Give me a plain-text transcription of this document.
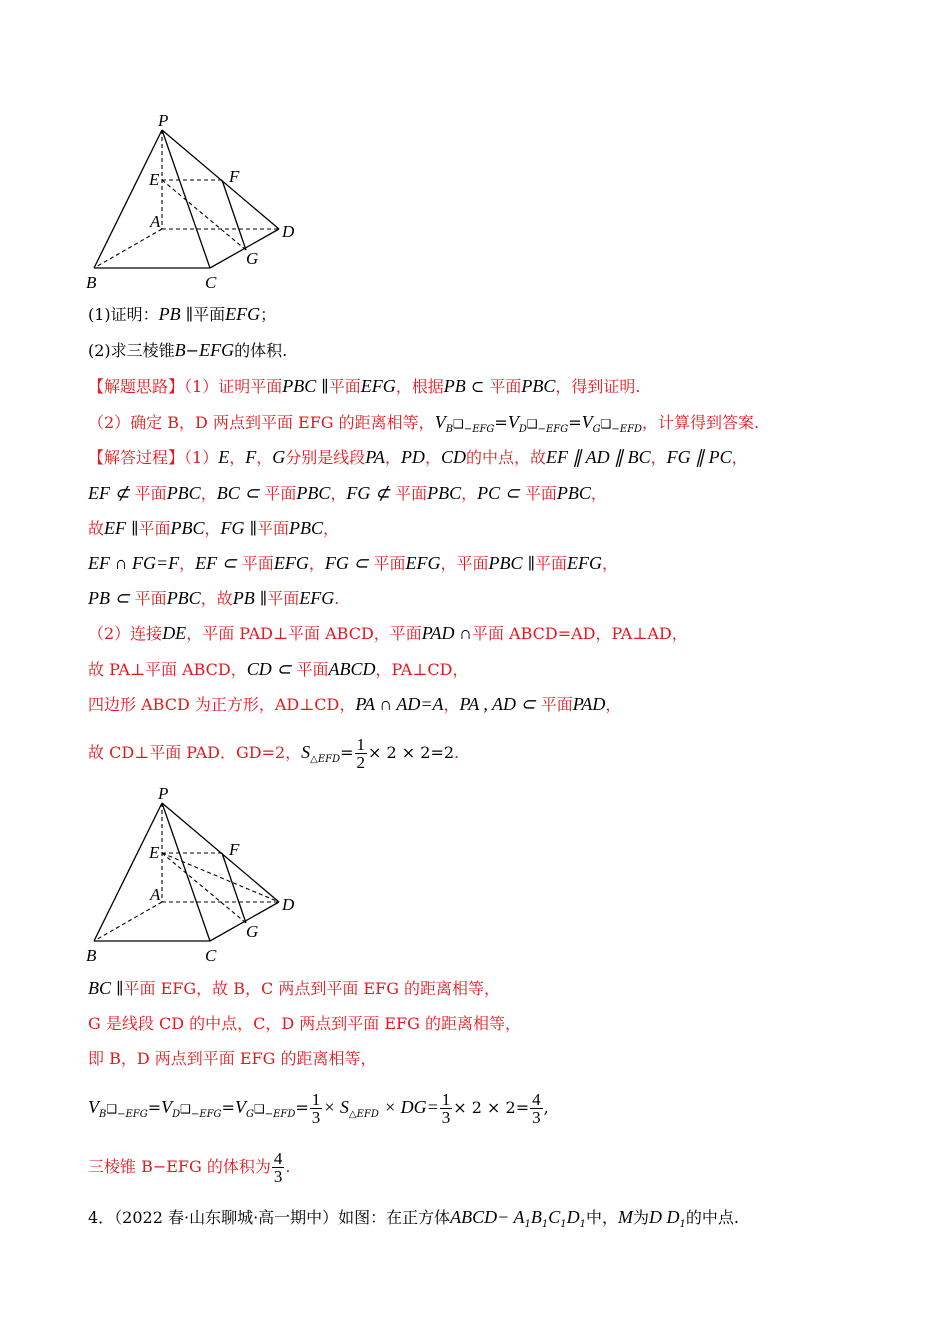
P
E	F
A
D
G
B	C
(1)证明：PB ∥平面EFG；
(2)求三棱锥B−EFG的体积.
【解题思路】（1）证明平面PBC ∥平面EFG，根据PB ⊂ 平面PBC，得到证明.
（2）确定 B，D 两点到平面 EFG 的距离相等，$V_B❑_{-EFG}=V_D❑_{-EFG}=V_G❑_{-EFD}$，计算得到答案.
【解答过程】（1）E，F，G分别是线段PA，PD，CD的中点，故EF ∥ AD ∥ BC，FG ∥ PC，
EF ⊄ 平面PBC，BC ⊂ 平面PBC，FG ⊄ 平面PBC，PC ⊂ 平面PBC，
故EF ∥平面PBC，FG ∥平面PBC，
EF ∩ FG=F，EF ⊂ 平面EFG，FG ⊂ 平面EFG，平面PBC ∥平面EFG，
PB ⊂ 平面PBC，故PB ∥平面EFG.
（2）连接DE，平面 PAD⊥平面 ABCD，平面PAD ∩平面 ABCD=AD，PA⊥AD，
故 PA⊥平面 ABCD，CD ⊂ 平面ABCD，PA⊥CD，
四边形 ABCD 为正方形，AD⊥CD，PA ∩ AD=A，PA , AD ⊂ 平面PAD，
故 CD⊥平面 PAD．GD=2，$S_{\triangle EFD}= \frac{1}{2} \times 2 \times 2=2$.
P
E	F
A
D
G
B	C
BC ∥平面 EFG，故 B，C 两点到平面 EFG 的距离相等，
G 是线段 CD 的中点，C，D 两点到平面 EFG 的距离相等，
即 B，D 两点到平面 EFG 的距离相等，
$V_B❑_{-EFG}=V_D❑_{-EFG}=V_G❑_{-EFD}= \frac{1}{3} \times S_{\triangle EFD} \times DG= \frac{1}{3} \times 2 \times 2= \frac{4}{3}$ ,
三棱锥 B−EFG 的体积为 $\frac{4}{3}$ .
4．（2022 春·山东聊城·高一期中）如图：在正方体ABCD− $A_1B_1C_1D_1$中，M为D $D_1$的中点.
